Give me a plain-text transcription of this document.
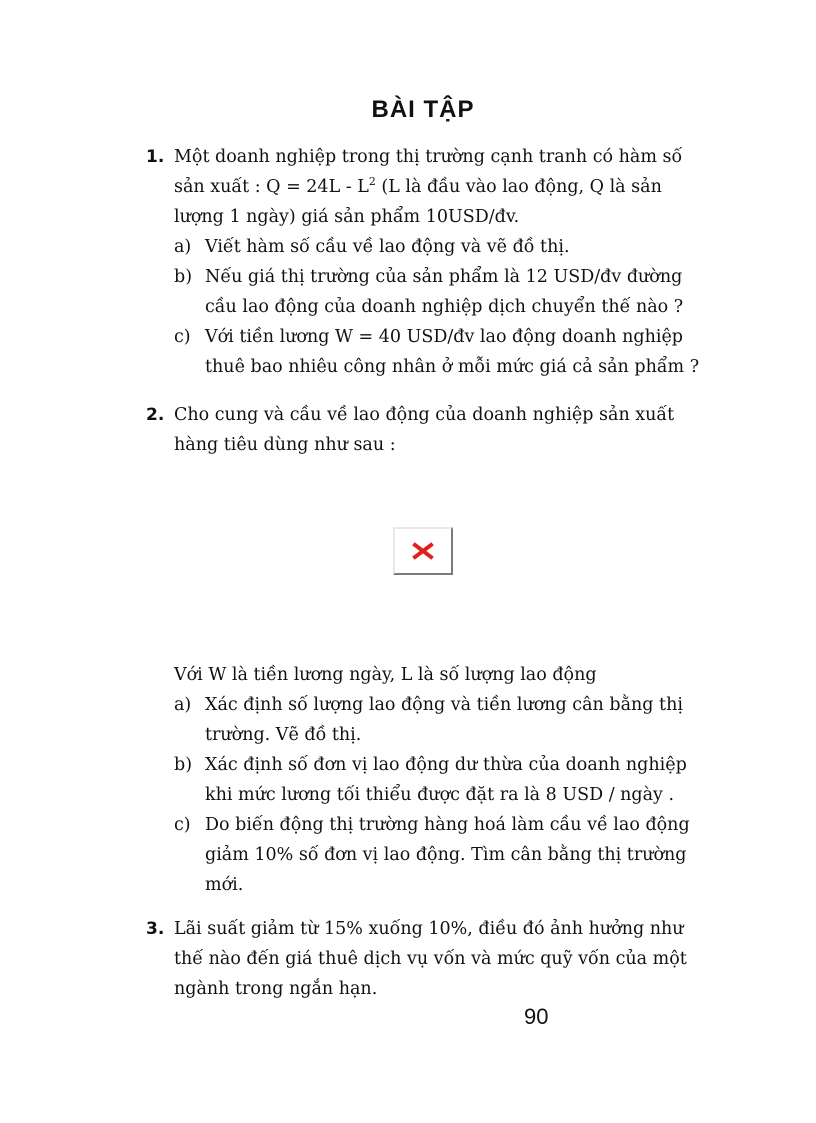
BÀI TẬP
1. Một doanh nghiệp trong thị trường cạnh tranh có hàm số sản xuất : $Q = 24L - L^2$ (L là đầu vào lao động, Q là sản lượng 1 ngày) giá sản phẩm 10USD/đv.
a) Viết hàm số cầu về lao động và vẽ đồ thị.
b) Nếu giá thị trường của sản phẩm là 12 USD/đv đường cầu lao động của doanh nghiệp dịch chuyển thế nào ?
c) Với tiền lương W = 40 USD/đv lao động doanh nghiệp thuê bao nhiêu công nhân ở mỗi mức giá cả sản phẩm ?
2. Cho cung và cầu về lao động của doanh nghiệp sản xuất hàng tiêu dùng như sau :
Với W là tiền lương ngày, L là số lượng lao động
a) Xác định số lượng lao động và tiền lương cân bằng thị trường. Vẽ đồ thị.
b) Xác định số đơn vị lao động dư thừa của doanh nghiệp khi mức lương tối thiểu được đặt ra là 8 USD / ngày .
c) Do biến động thị trường hàng hoá làm cầu về lao động giảm 10% số đơn vị lao động. Tìm cân bằng thị trường mới.
3. Lãi suất giảm từ 15% xuống 10%, điều đó ảnh hưởng như thế nào đến giá thuê dịch vụ vốn và mức quỹ vốn của một ngành trong ngắn hạn.
90
